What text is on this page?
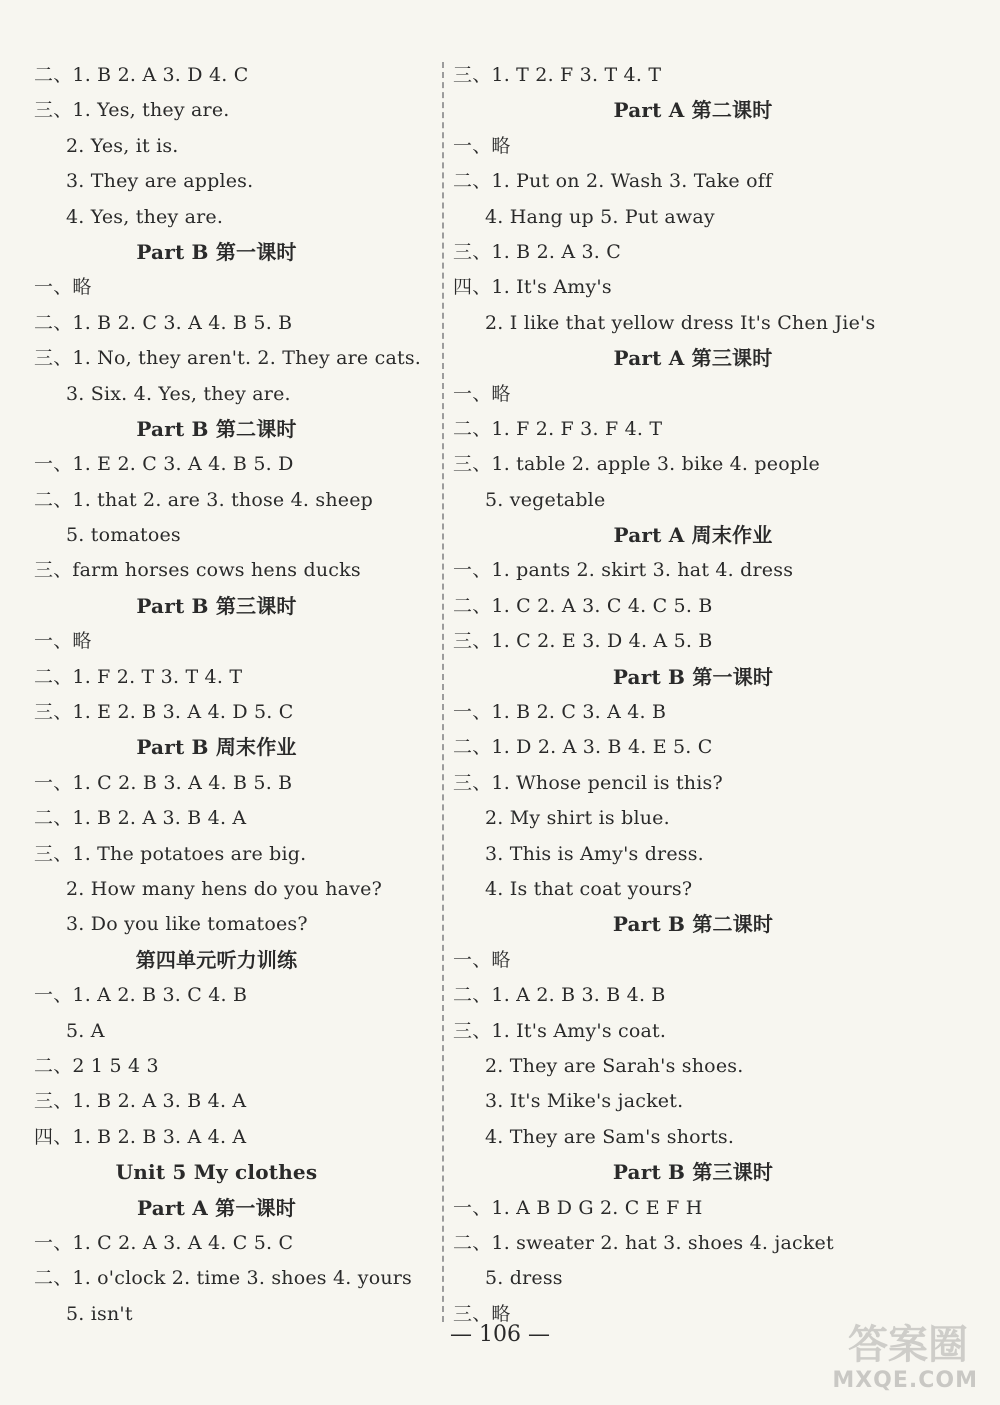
二、1. B 2. A 3. D 4. C
三、1. Yes, they are.
2. Yes, it is.
3. They are apples.
4. Yes, they are.
Part B 第一课时
一、略
二、1. B 2. C 3. A 4. B 5. B
三、1. No, they aren't. 2. They are cats.
3. Six. 4. Yes, they are.
Part B 第二课时
一、1. E 2. C 3. A 4. B 5. D
二、1. that 2. are 3. those 4. sheep
5. tomatoes
三、farm horses cows hens ducks
Part B 第三课时
一、略
二、1. F 2. T 3. T 4. T
三、1. E 2. B 3. A 4. D 5. C
Part B 周末作业
一、1. C 2. B 3. A 4. B 5. B
二、1. B 2. A 3. B 4. A
三、1. The potatoes are big.
2. How many hens do you have?
3. Do you like tomatoes?
第四单元听力训练
一、1. A 2. B 3. C 4. B
5. A
二、2 1 5 4 3
三、1. B 2. A 3. B 4. A
四、1. B 2. B 3. A 4. A
Unit 5 My clothes
Part A 第一课时
一、1. C 2. A 3. A 4. C 5. C
二、1. o'clock 2. time 3. shoes 4. yours
5. isn't
三、1. T 2. F 3. T 4. T
Part A 第二课时
一、略
二、1. Put on 2. Wash 3. Take off
4. Hang up 5. Put away
三、1. B 2. A 3. C
四、1. It's Amy's
2. I like that yellow dress It's Chen Jie's
Part A 第三课时
一、略
二、1. F 2. F 3. F 4. T
三、1. table 2. apple 3. bike 4. people
5. vegetable
Part A 周末作业
一、1. pants 2. skirt 3. hat 4. dress
二、1. C 2. A 3. C 4. C 5. B
三、1. C 2. E 3. D 4. A 5. B
Part B 第一课时
一、1. B 2. C 3. A 4. B
二、1. D 2. A 3. B 4. E 5. C
三、1. Whose pencil is this?
2. My shirt is blue.
3. This is Amy's dress.
4. Is that coat yours?
Part B 第二课时
一、略
二、1. A 2. B 3. B 4. B
三、1. It's Amy's coat.
2. They are Sarah's shoes.
3. It's Mike's jacket.
4. They are Sam's shorts.
Part B 第三课时
一、1. A B D G 2. C E F H
二、1. sweater 2. hat 3. shoes 4. jacket
5. dress
三、略
— 106 —	答案圈
MXQE.COM
